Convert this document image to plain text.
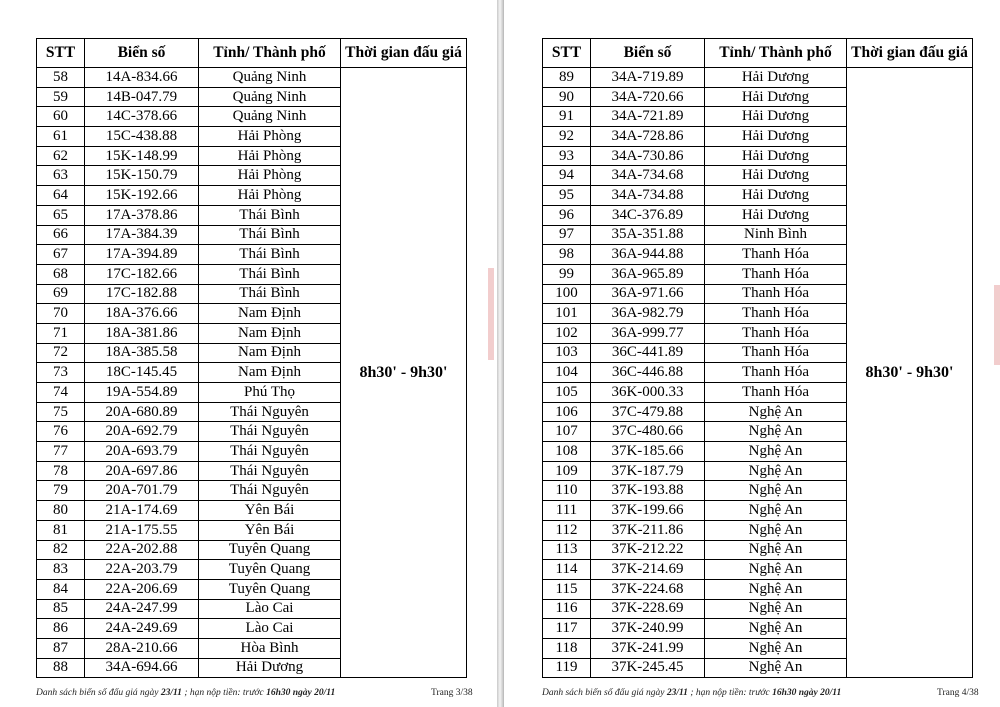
STT	Biển số	Tỉnh/ Thành phố	Thời gian đấu giá
58	14A-834.66	Quảng Ninh	8h30' - 9h30'
59	14B-047.79	Quảng Ninh	
60	14C-378.66	Quảng Ninh	
61	15C-438.88	Hải Phòng	
62	15K-148.99	Hải Phòng	
63	15K-150.79	Hải Phòng	
64	15K-192.66	Hải Phòng	
65	17A-378.86	Thái Bình	
66	17A-384.39	Thái Bình	
67	17A-394.89	Thái Bình	
68	17C-182.66	Thái Bình	
69	17C-182.88	Thái Bình	
70	18A-376.66	Nam Định	
71	18A-381.86	Nam Định	
72	18A-385.58	Nam Định	
73	18C-145.45	Nam Định	
74	19A-554.89	Phú Thọ	
75	20A-680.89	Thái Nguyên	
76	20A-692.79	Thái Nguyên	
77	20A-693.79	Thái Nguyên	
78	20A-697.86	Thái Nguyên	
79	20A-701.79	Thái Nguyên	
80	21A-174.69	Yên Bái	
81	21A-175.55	Yên Bái	
82	22A-202.88	Tuyên Quang	
83	22A-203.79	Tuyên Quang	
84	22A-206.69	Tuyên Quang	
85	24A-247.99	Lào Cai	
86	24A-249.69	Lào Cai	
87	28A-210.66	Hòa Bình	
88	34A-694.66	Hải Dương	
Danh sách biển số đấu giá ngày 23/11 ; hạn nộp tiền: trước 16h30 ngày 20/11	Trang 3/38
STT	Biển số	Tỉnh/ Thành phố	Thời gian đấu giá
89	34A-719.89	Hải Dương	8h30' - 9h30'
90	34A-720.66	Hải Dương	
91	34A-721.89	Hải Dương	
92	34A-728.86	Hải Dương	
93	34A-730.86	Hải Dương	
94	34A-734.68	Hải Dương	
95	34A-734.88	Hải Dương	
96	34C-376.89	Hải Dương	
97	35A-351.88	Ninh Bình	
98	36A-944.88	Thanh Hóa	
99	36A-965.89	Thanh Hóa	
100	36A-971.66	Thanh Hóa	
101	36A-982.79	Thanh Hóa	
102	36A-999.77	Thanh Hóa	
103	36C-441.89	Thanh Hóa	
104	36C-446.88	Thanh Hóa	
105	36K-000.33	Thanh Hóa	
106	37C-479.88	Nghệ An	
107	37C-480.66	Nghệ An	
108	37K-185.66	Nghệ An	
109	37K-187.79	Nghệ An	
110	37K-193.88	Nghệ An	
111	37K-199.66	Nghệ An	
112	37K-211.86	Nghệ An	
113	37K-212.22	Nghệ An	
114	37K-214.69	Nghệ An	
115	37K-224.68	Nghệ An	
116	37K-228.69	Nghệ An	
117	37K-240.99	Nghệ An	
118	37K-241.99	Nghệ An	
119	37K-245.45	Nghệ An	
Danh sách biển số đấu giá ngày 23/11 ; hạn nộp tiền: trước 16h30 ngày 20/11	Trang 4/38
